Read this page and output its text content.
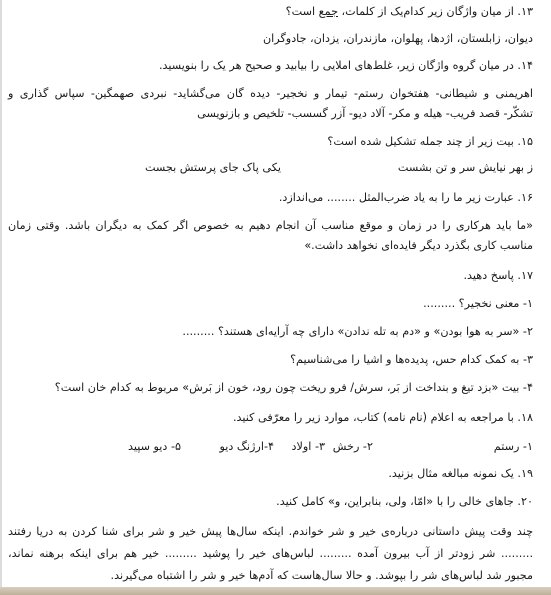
۱۳. از میان واژگان زیر کدام‌یک از کلمات، جمع است؟
دیوان، زابلستان، اژدها، پهلوان، مازندران، یزدان، جادوگران
۱۴. در میان گروه واژگان زیر، غلط‌های املایی را بیابید و صحیح هر یک را بنویسید.
اهریمنی و شیطانی- هفتخوان رستم- تیمار و نخجیر- دیده گان می‌گشاید- نبردی صهمگین- سپاس گذاری و
تشکّر- قصد فریب- هیله و مکر- آلاد دیو- آزر گسسب- تلخیص و بازنویسی
۱۵. بیت زیر از چند جمله تشکیل شده است؟
ز بهر نیایش سر و تن بشست
یکی پاک جای پرستش بجست
۱۶. عبارت زیر ما را به یاد ضرب‌المثل ........ می‌اندازد.
«ما باید هرکاری را در زمان و موقع مناسب آن انجام دهیم به خصوص اگر کمک به دیگران باشد. وقتی زمان
مناسب کاری بگذرد دیگر فایده‌ای نخواهد داشت.»
۱۷. پاسخ دهید.
۱- معنی نخجیر؟ .........
۲- «سر به هوا بودن» و «دم به تله ندادن» دارای چه آرایه‌ای هستند؟ .........
۳- به کمک کدام حس، پدیده‌ها و اشیا را می‌شناسیم؟
۴- بیت «بزد تیغ و بنداخت از بَر، سرش/ فرو ریخت چون رود، خون از بَرش» مربوط به کدام خان است؟
۱۸. با مراجعه به اعلام (نام نامه) کتاب، موارد زیر را معرّفی کنید.
۱- رستم
۲- رخش
۳- اولاد
۴-ارژنگ دیو
۵- دیو سپید
۱۹. یک نمونه مبالغه مثال بزنید.
۲۰. جاهای خالی را با «امّا، ولی، بنابراین، و» کامل کنید.
چند وقت پیش داستانی درباره‌ی خیر و شر خواندم. اینکه سال‌ها پیش خیر و شر برای شنا کردن به دریا رفتند
......... شر زودتر از آب بیرون آمده ......... لباس‌های خیر را پوشید ......... خیر هم برای اینکه برهنه نماند،
مجبور شد لباس‌های شر را بپوشد. و حالا سال‌هاست که آدم‌ها خیر و شر را اشتباه می‌گیرند.
